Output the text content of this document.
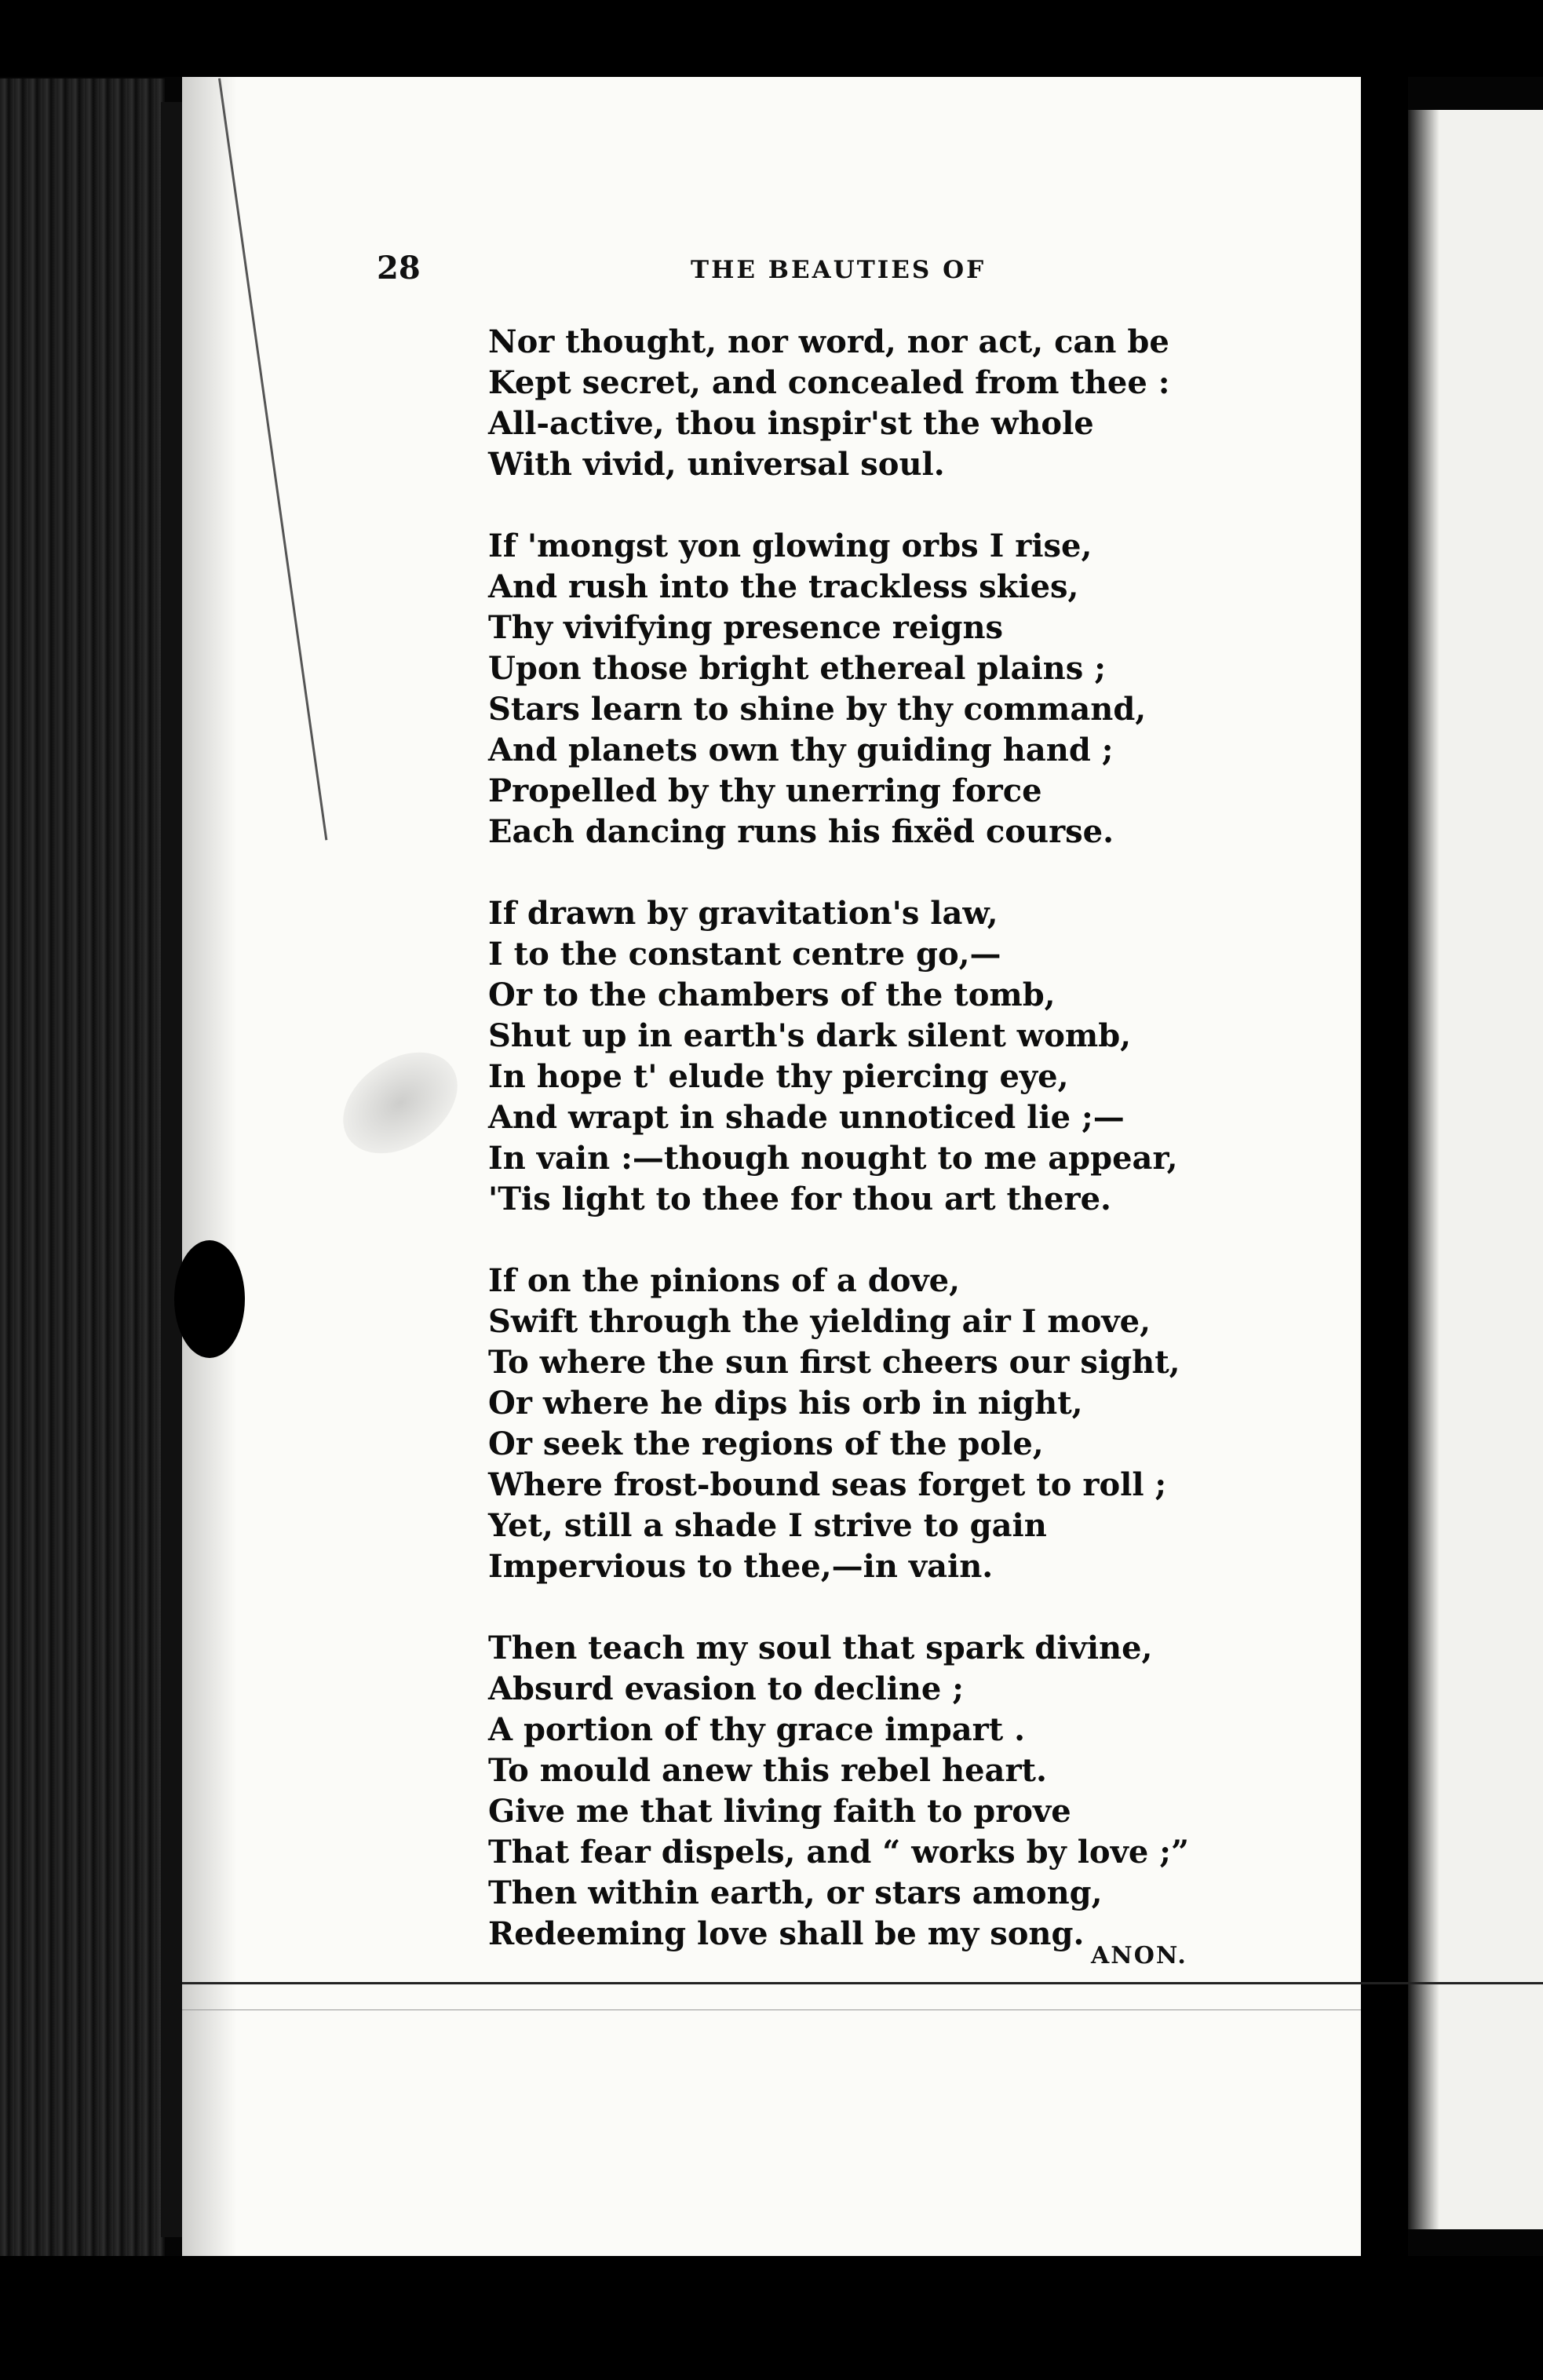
28	THE BEAUTIES OF
Nor thought, nor word, nor act, can be
Kept secret, and concealed from thee :
All-active, thou inspir'st the whole
With vivid, universal soul.
If 'mongst yon glowing orbs I rise,
And rush into the trackless skies,
Thy vivifying presence reigns
Upon those bright ethereal plains ;
Stars learn to shine by thy command,
And planets own thy guiding hand ;
Propelled by thy unerring force
Each dancing runs his fixëd course.
If drawn by gravitation's law,
I to the constant centre go,—
Or to the chambers of the tomb,
Shut up in earth's dark silent womb,
In hope t' elude thy piercing eye,
And wrapt in shade unnoticed lie ;—
In vain :—though nought to me appear,
'Tis light to thee for thou art there.
If on the pinions of a dove,
Swift through the yielding air I move,
To where the sun first cheers our sight,
Or where he dips his orb in night,
Or seek the regions of the pole,
Where frost-bound seas forget to roll ;
Yet, still a shade I strive to gain
Impervious to thee,—in vain.
Then teach my soul that spark divine,
Absurd evasion to decline ;
A portion of thy grace impart .
To mould anew this rebel heart.
Give me that living faith to prove
That fear dispels, and “ works by love ;”
Then within earth, or stars among,
Redeeming love shall be my song.
ANON.
